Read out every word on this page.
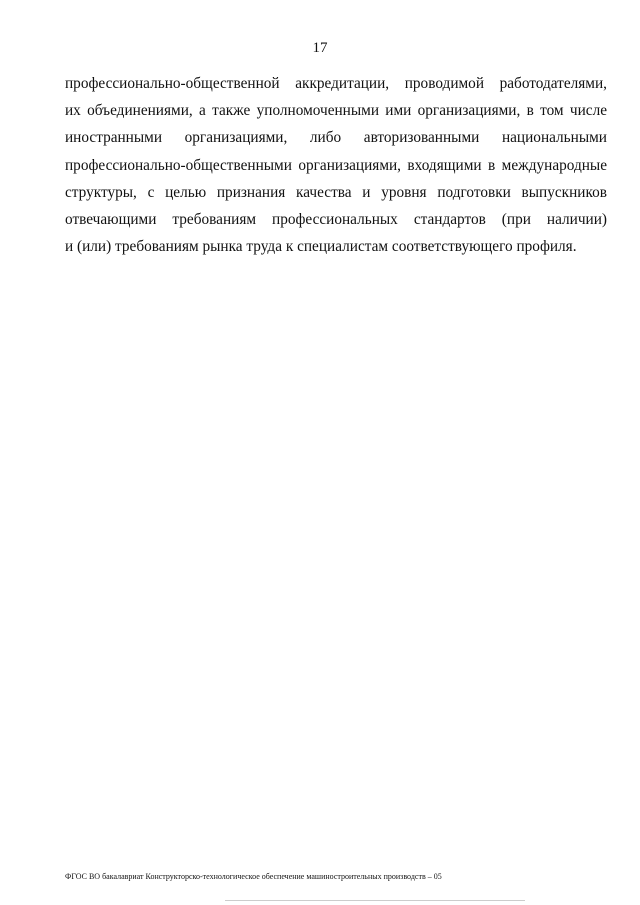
17
профессионально-общественной аккредитации, проводимой работодателями,
их объединениями, а также уполномоченными ими организациями, в том числе
иностранными организациями, либо авторизованными национальными
профессионально-общественными организациями, входящими в международные
структуры, с целью признания качества и уровня подготовки выпускников
отвечающими требованиям профессиональных стандартов (при наличии)
и (или) требованиям рынка труда к специалистам соответствующего профиля.
ФГОС ВО бакалавриат Конструкторско-технологическое обеспечение машиностроительных производств – 05
